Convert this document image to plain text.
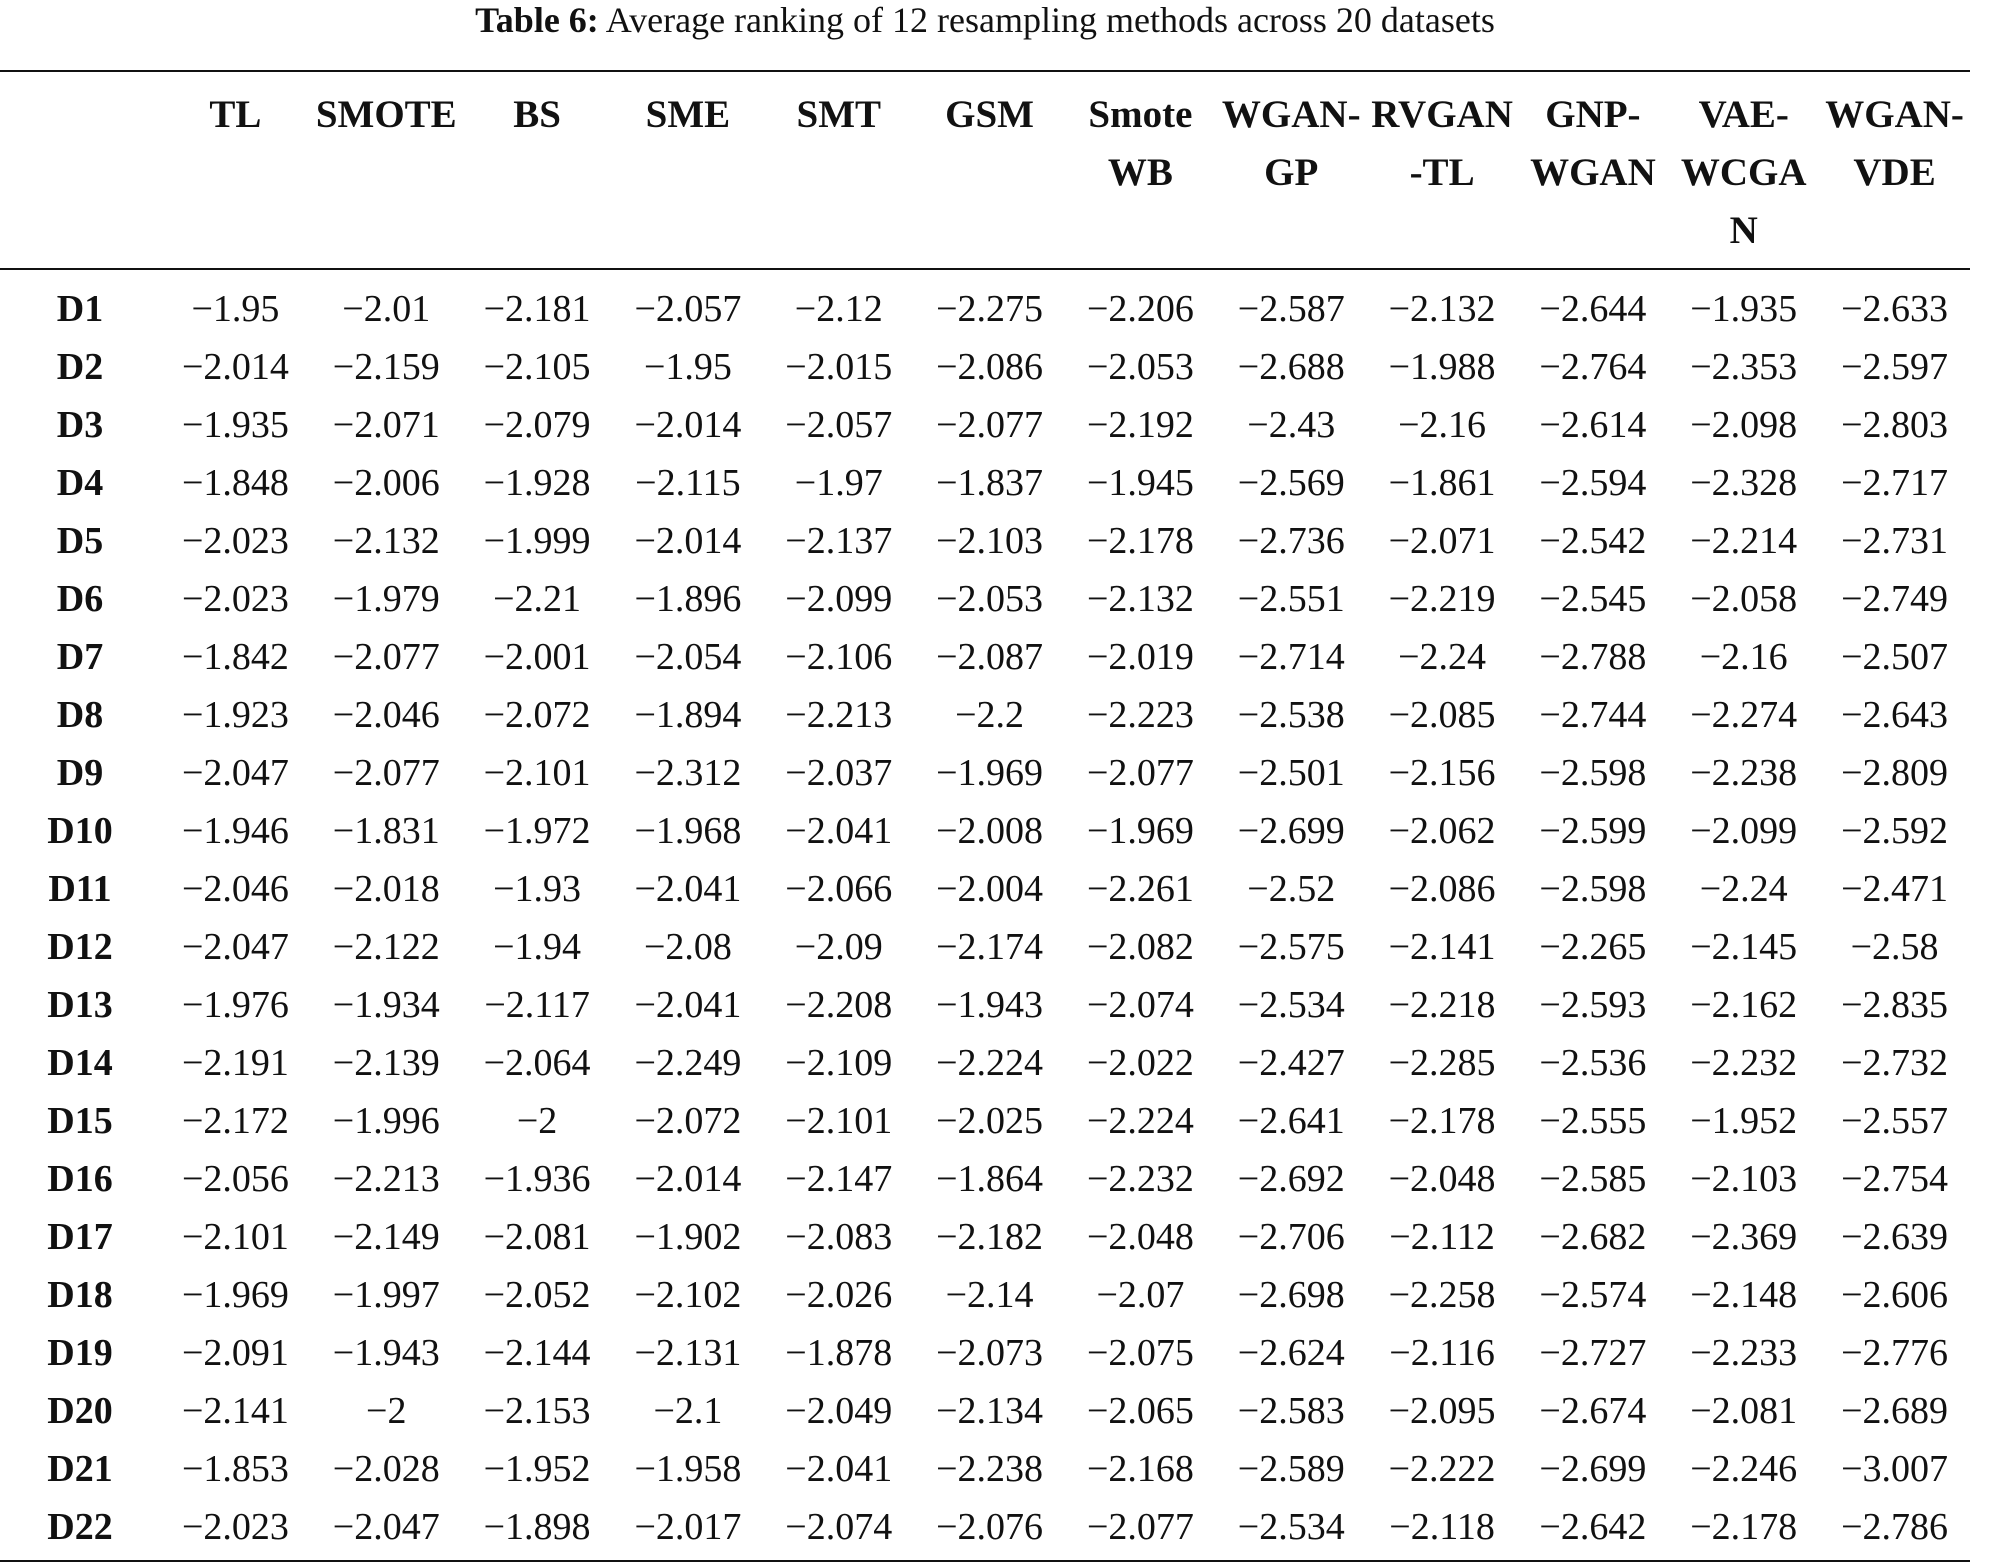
Table 6: Average ranking of 12 resampling methods across 20 datasets

	TL	SMOTE	BS	SME	SMT	GSM	Smote WB	WGAN-GP	RVGAN-TL	GNP-WGAN	VAE-WCGAN	WGAN-VDE
D1	−1.95	−2.01	−2.181	−2.057	−2.12	−2.275	−2.206	−2.587	−2.132	−2.644	−1.935	−2.633
D2	−2.014	−2.159	−2.105	−1.95	−2.015	−2.086	−2.053	−2.688	−1.988	−2.764	−2.353	−2.597
D3	−1.935	−2.071	−2.079	−2.014	−2.057	−2.077	−2.192	−2.43	−2.16	−2.614	−2.098	−2.803
D4	−1.848	−2.006	−1.928	−2.115	−1.97	−1.837	−1.945	−2.569	−1.861	−2.594	−2.328	−2.717
D5	−2.023	−2.132	−1.999	−2.014	−2.137	−2.103	−2.178	−2.736	−2.071	−2.542	−2.214	−2.731
D6	−2.023	−1.979	−2.21	−1.896	−2.099	−2.053	−2.132	−2.551	−2.219	−2.545	−2.058	−2.749
D7	−1.842	−2.077	−2.001	−2.054	−2.106	−2.087	−2.019	−2.714	−2.24	−2.788	−2.16	−2.507
D8	−1.923	−2.046	−2.072	−1.894	−2.213	−2.2	−2.223	−2.538	−2.085	−2.744	−2.274	−2.643
D9	−2.047	−2.077	−2.101	−2.312	−2.037	−1.969	−2.077	−2.501	−2.156	−2.598	−2.238	−2.809
D10	−1.946	−1.831	−1.972	−1.968	−2.041	−2.008	−1.969	−2.699	−2.062	−2.599	−2.099	−2.592
D11	−2.046	−2.018	−1.93	−2.041	−2.066	−2.004	−2.261	−2.52	−2.086	−2.598	−2.24	−2.471
D12	−2.047	−2.122	−1.94	−2.08	−2.09	−2.174	−2.082	−2.575	−2.141	−2.265	−2.145	−2.58
D13	−1.976	−1.934	−2.117	−2.041	−2.208	−1.943	−2.074	−2.534	−2.218	−2.593	−2.162	−2.835
D14	−2.191	−2.139	−2.064	−2.249	−2.109	−2.224	−2.022	−2.427	−2.285	−2.536	−2.232	−2.732
D15	−2.172	−1.996	−2	−2.072	−2.101	−2.025	−2.224	−2.641	−2.178	−2.555	−1.952	−2.557
D16	−2.056	−2.213	−1.936	−2.014	−2.147	−1.864	−2.232	−2.692	−2.048	−2.585	−2.103	−2.754
D17	−2.101	−2.149	−2.081	−1.902	−2.083	−2.182	−2.048	−2.706	−2.112	−2.682	−2.369	−2.639
D18	−1.969	−1.997	−2.052	−2.102	−2.026	−2.14	−2.07	−2.698	−2.258	−2.574	−2.148	−2.606
D19	−2.091	−1.943	−2.144	−2.131	−1.878	−2.073	−2.075	−2.624	−2.116	−2.727	−2.233	−2.776
D20	−2.141	−2	−2.153	−2.1	−2.049	−2.134	−2.065	−2.583	−2.095	−2.674	−2.081	−2.689
D21	−1.853	−2.028	−1.952	−1.958	−2.041	−2.238	−2.168	−2.589	−2.222	−2.699	−2.246	−3.007
D22	−2.023	−2.047	−1.898	−2.017	−2.074	−2.076	−2.077	−2.534	−2.118	−2.642	−2.178	−2.786
